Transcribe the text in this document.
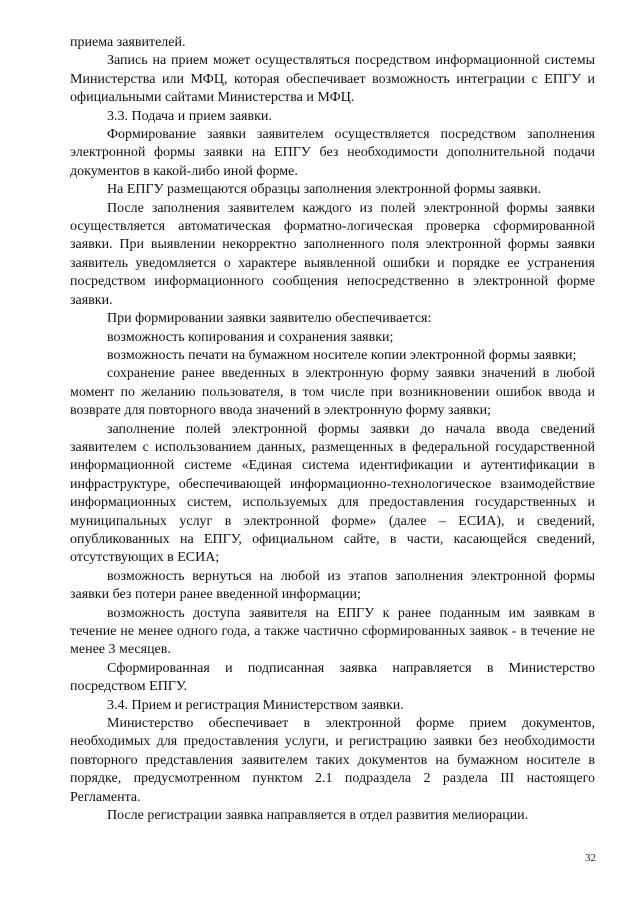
приема заявителей.

Запись на прием может осуществляться посредством информационной системы Министерства или МФЦ, которая обеспечивает возможность интеграции с ЕПГУ и официальными сайтами Министерства и МФЦ.

3.3. Подача и прием заявки.

Формирование заявки заявителем осуществляется посредством заполнения электронной формы заявки на ЕПГУ без необходимости дополнительной подачи документов в какой-либо иной форме.

На ЕПГУ размещаются образцы заполнения электронной формы заявки.

После заполнения заявителем каждого из полей электронной формы заявки осуществляется автоматическая форматно-логическая проверка сформированной заявки. При выявлении некорректно заполненного поля электронной формы заявки заявитель уведомляется о характере выявленной ошибки и порядке ее устранения посредством информационного сообщения непосредственно в электронной форме заявки.

При формировании заявки заявителю обеспечивается:

возможность копирования и сохранения заявки;

возможность печати на бумажном носителе копии электронной формы заявки;

сохранение ранее введенных в электронную форму заявки значений в любой момент по желанию пользователя, в том числе при возникновении ошибок ввода и возврате для повторного ввода значений в электронную форму заявки;

заполнение полей электронной формы заявки до начала ввода сведений заявителем с использованием данных, размещенных в федеральной государственной информационной системе «Единая система идентификации и аутентификации в инфраструктуре, обеспечивающей информационно-технологическое взаимодействие информационных систем, используемых для предоставления государственных и муниципальных услуг в электронной форме» (далее – ЕСИА), и сведений, опубликованных на ЕПГУ, официальном сайте, в части, касающейся сведений, отсутствующих в ЕСИА;

возможность вернуться на любой из этапов заполнения электронной формы заявки без потери ранее введенной информации;

возможность доступа заявителя на ЕПГУ к ранее поданным им заявкам в течение не менее одного года, а также частично сформированных заявок - в течение не менее 3 месяцев.

Сформированная и подписанная заявка направляется в Министерство посредством ЕПГУ.

3.4. Прием и регистрация Министерством заявки.

Министерство обеспечивает в электронной форме прием документов, необходимых для предоставления услуги, и регистрацию заявки без необходимости повторного представления заявителем таких документов на бумажном носителе в порядке, предусмотренном пунктом 2.1 подраздела 2 раздела III настоящего Регламента.

После регистрации заявка направляется в отдел развития мелиорации.

32
